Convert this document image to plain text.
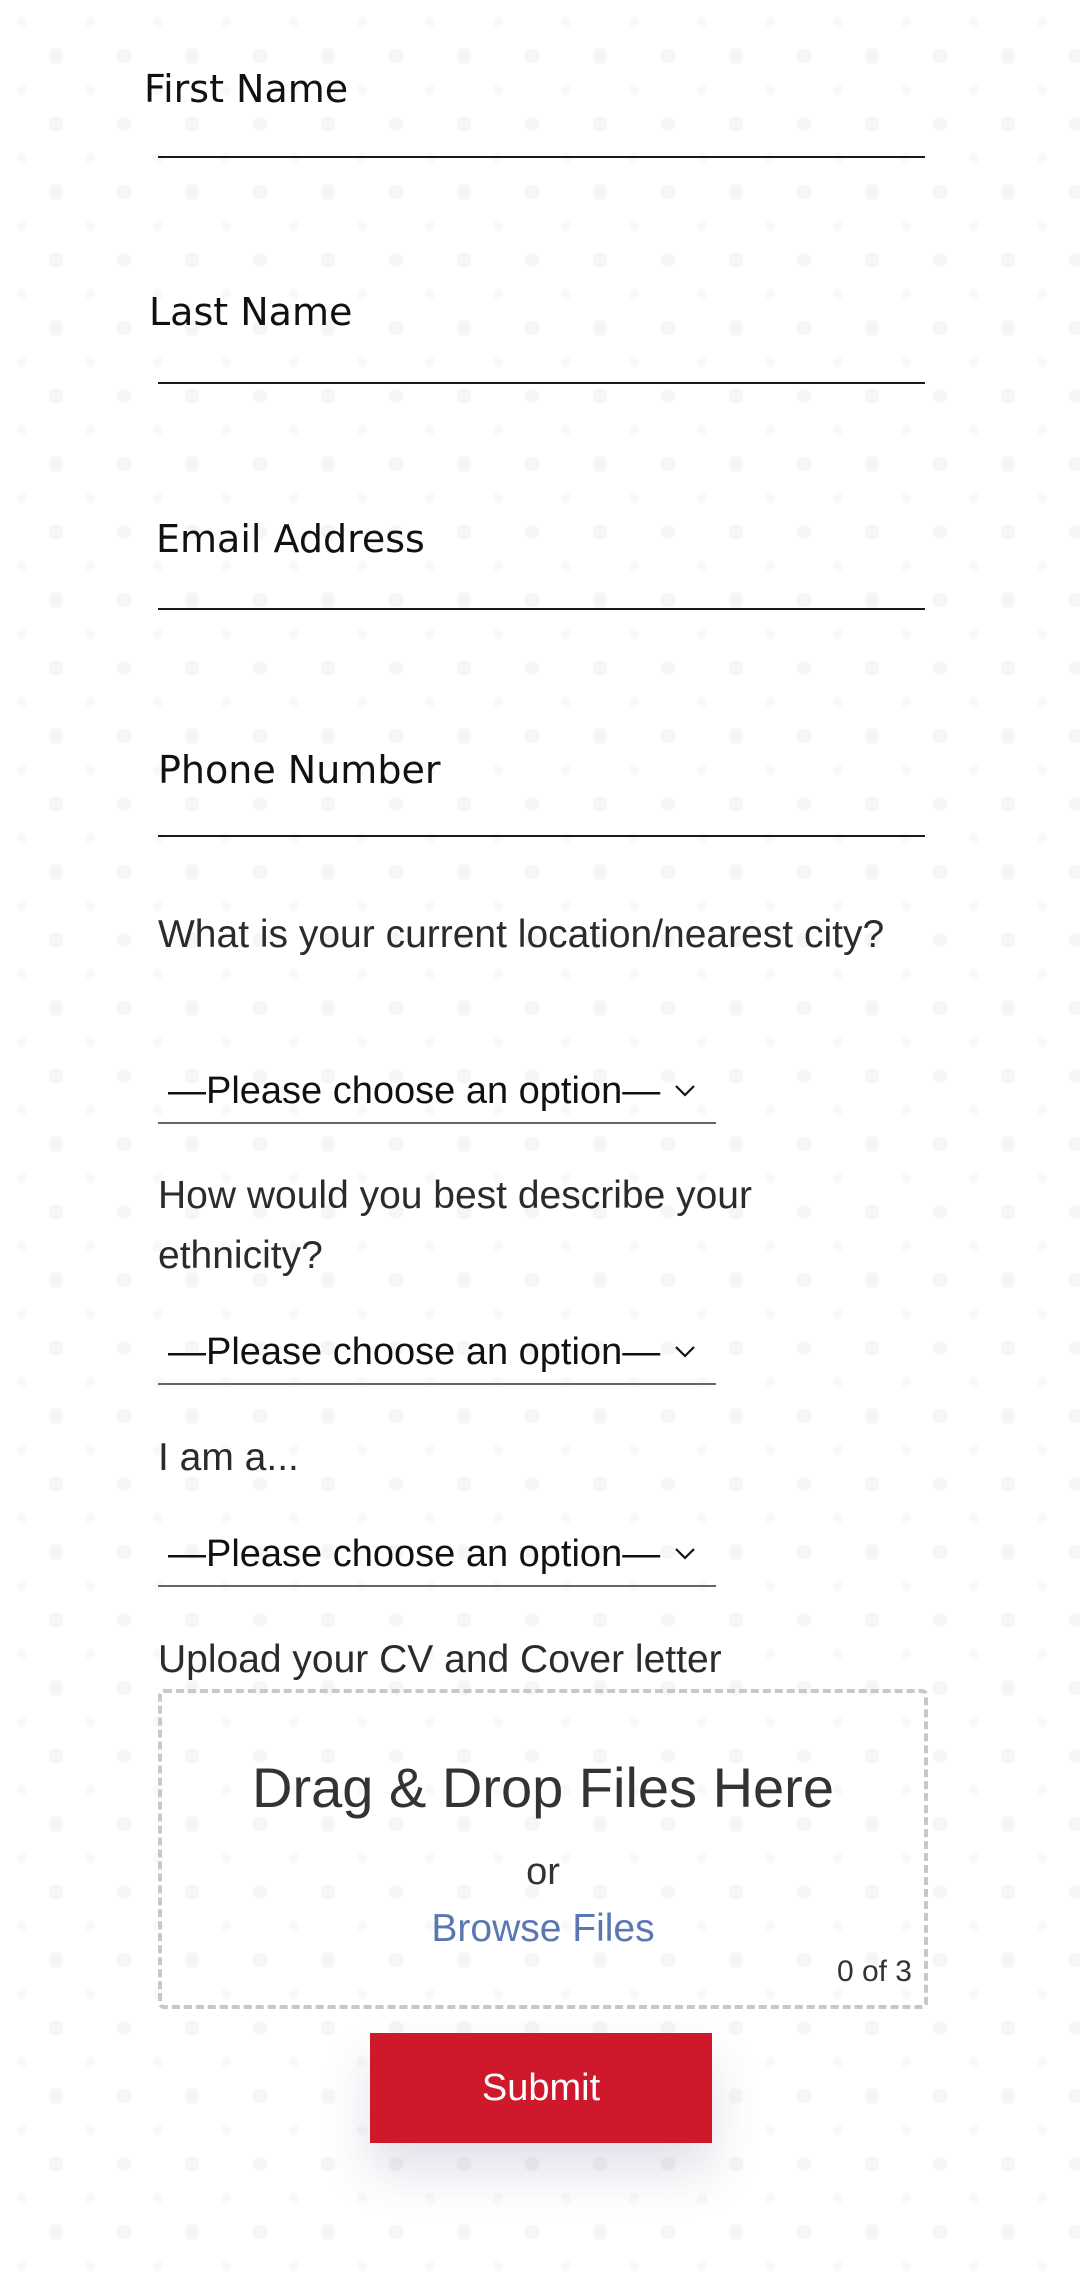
First Name
Last Name
Email Address
Phone Number
What is your current location/nearest city?
—Please choose an option—
How would you best describe your ethnicity?
—Please choose an option—
I am a...
—Please choose an option—
Upload your CV and Cover letter
Drag & Drop Files Here
or
Browse Files
0 of 3
Submit
